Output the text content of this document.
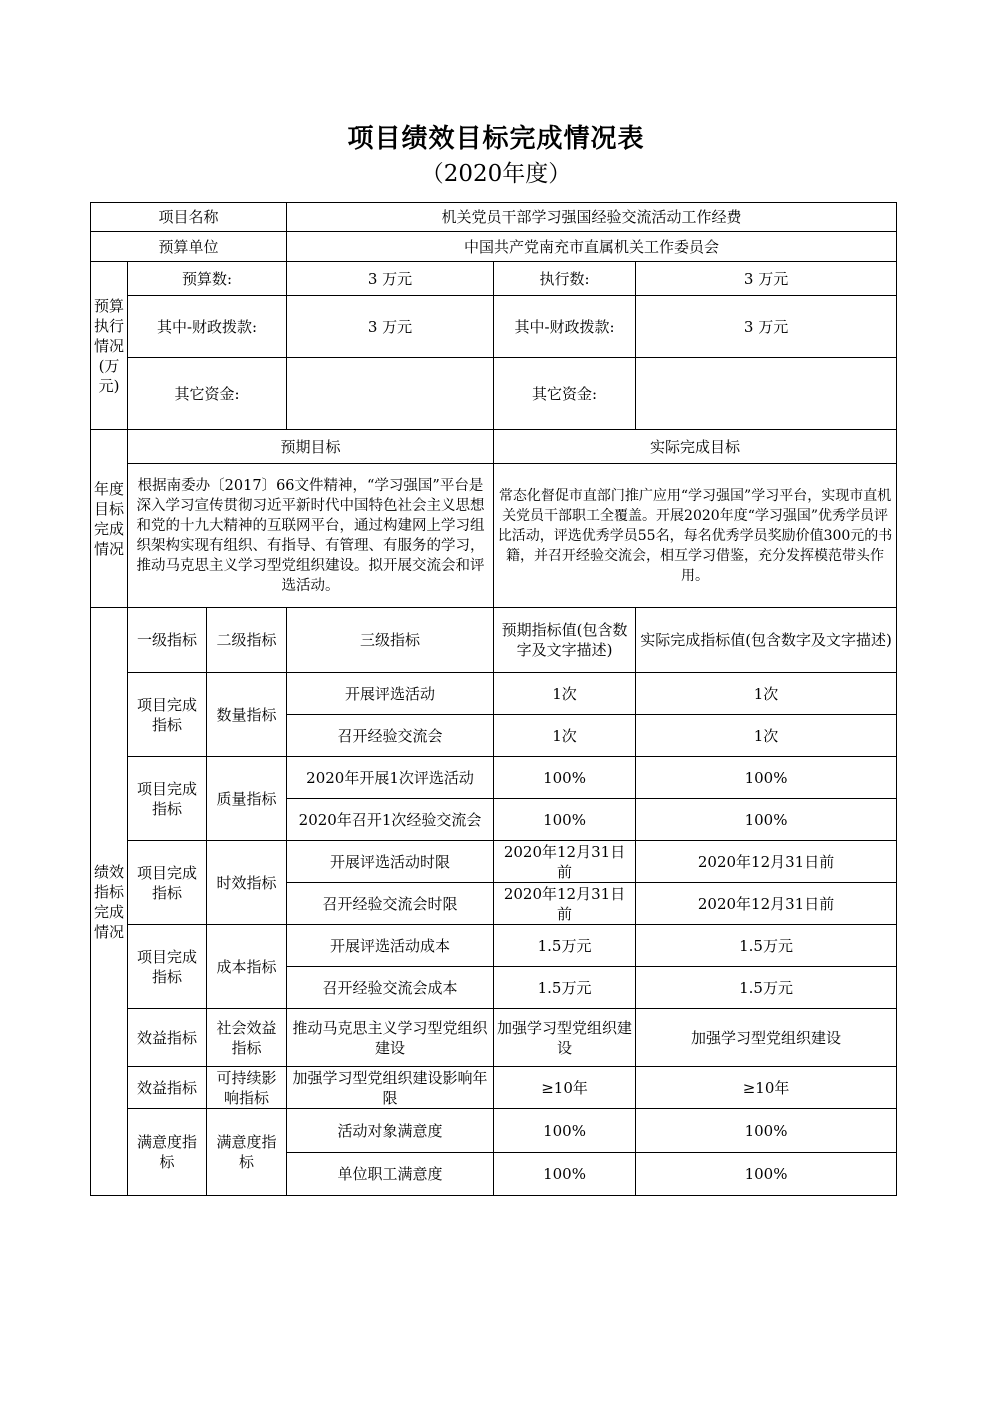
项目绩效目标完成情况表
（2020年度）
项目名称			机关党员干部学习强国经验交流活动工作经费		
预算单位			中国共产党南充市直属机关工作委员会		
预算执行情况(万元)	预算数:		3 万元	执行数:	3 万元
	其中-财政拨款:		3 万元	其中-财政拨款:	3 万元
	其它资金:			其它资金:	
年度目标完成情况	预期目标			实际完成目标	
	根据南委办〔2017〕66文件精神，“学习强国”平台是深入学习宣传贯彻习近平新时代中国特色社会主义思想和党的十九大精神的互联网平台，通过构建网上学习组织架构实现有组织、有指导、有管理、有服务的学习，推动马克思主义学习型党组织建设。拟开展交流会和评选活动。			常态化督促市直部门推广应用“学习强国”学习平台，实现市直机关党员干部职工全覆盖。开展2020年度“学习强国”优秀学员评比活动，评选优秀学员55名，每名优秀学员奖励价值300元的书籍，并召开经验交流会，相互学习借鉴，充分发挥模范带头作用。	
绩效指标完成情况	一级指标	二级指标	三级指标	预期指标值(包含数字及文字描述)	实际完成指标值(包含数字及文字描述)
	项目完成指标	数量指标	开展评选活动	1次	1次
			召开经验交流会	1次	1次
	项目完成指标	质量指标	2020年开展1次评选活动	100%	100%
			2020年召开1次经验交流会	100%	100%
	项目完成指标	时效指标	开展评选活动时限	2020年12月31日前	2020年12月31日前
			召开经验交流会时限	2020年12月31日前	2020年12月31日前
	项目完成指标	成本指标	开展评选活动成本	1.5万元	1.5万元
			召开经验交流会成本	1.5万元	1.5万元
	效益指标	社会效益指标	推动马克思主义学习型党组织建设	加强学习型党组织建设	加强学习型党组织建设
	效益指标	可持续影响指标	加强学习型党组织建设影响年限	≥10年	≥10年
	满意度指标	满意度指标	活动对象满意度	100%	100%
			单位职工满意度	100%	100%
